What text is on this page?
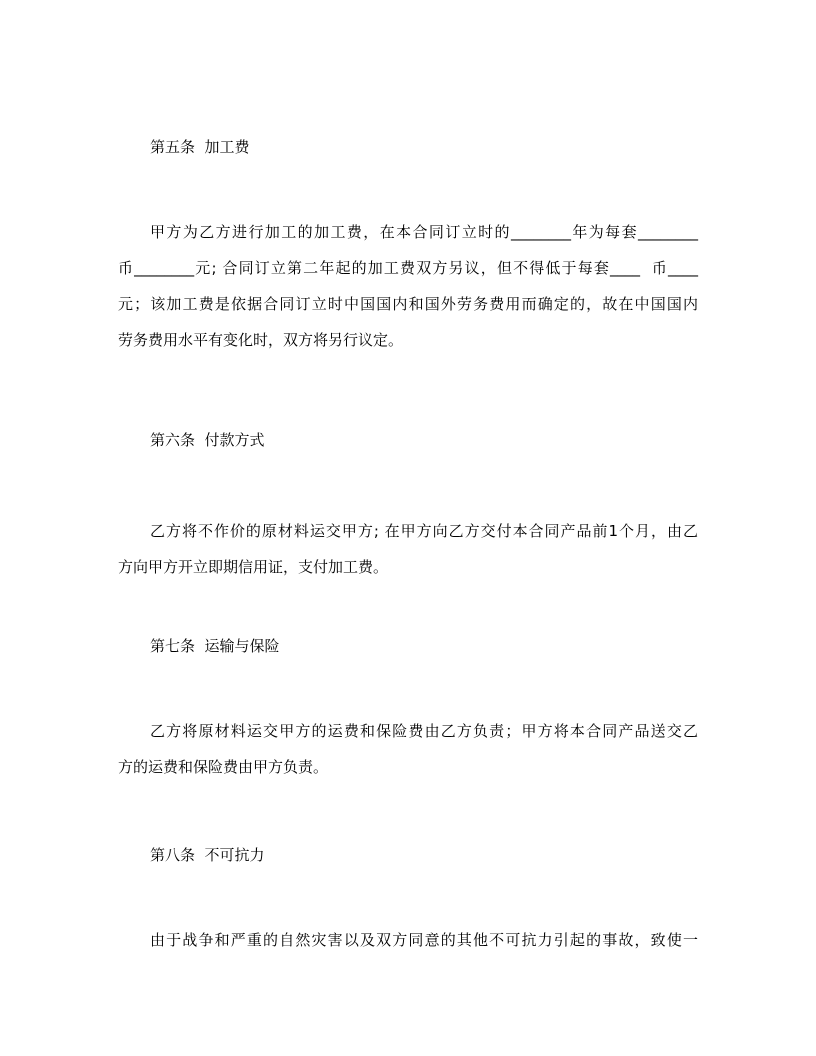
第五条  加工费
甲方为乙方进行加工的加工费，在本合同订立时的________年为每套________
币________元; 合同订立第二年起的加工费双方另议，但不得低于每套____  币____
元；该加工费是依据合同订立时中国国内和国外劳务费用而确定的，故在中国国内
劳务费用水平有变化时，双方将另行议定。
第六条  付款方式
乙方将不作价的原材料运交甲方; 在甲方向乙方交付本合同产品前1个月，由乙
方向甲方开立即期信用证，支付加工费。
第七条  运输与保险
乙方将原材料运交甲方的运费和保险费由乙方负责；甲方将本合同产品送交乙
方的运费和保险费由甲方负责。
第八条  不可抗力
由于战争和严重的自然灾害以及双方同意的其他不可抗力引起的事故，致使一
